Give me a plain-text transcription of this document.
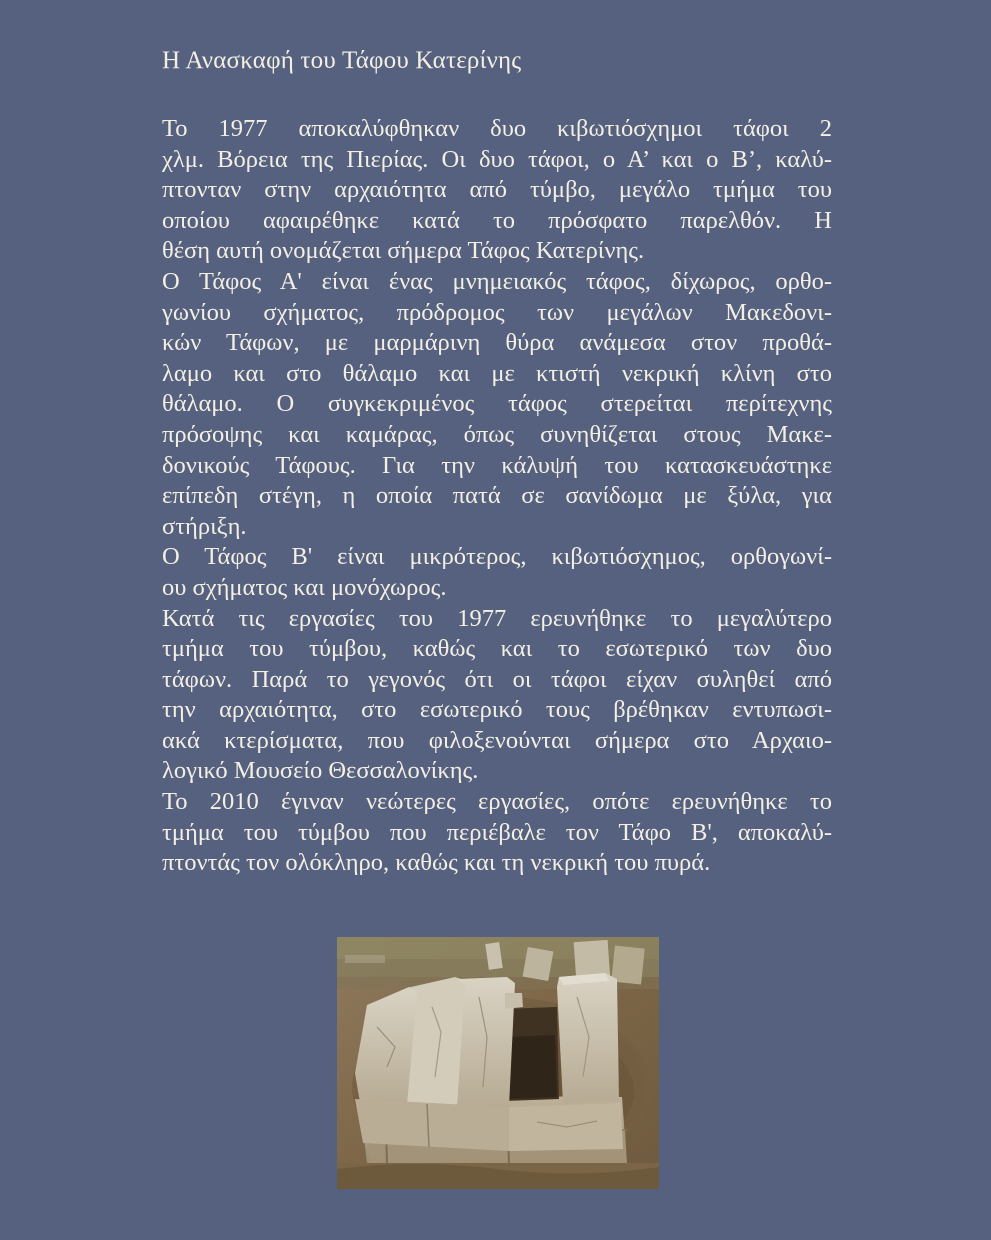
Η Ανασκαφή του Τάφου Κατερίνης
Το 1977 αποκαλύφθηκαν δυο κιβωτιόσχημοι τάφοι 2
χλμ. Βόρεια της Πιερίας. Οι δυο τάφοι, ο Α’ και ο Β’, καλύ-
πτονταν στην αρχαιότητα από τύμβο, μεγάλο τμήμα του
οποίου αφαιρέθηκε κατά το πρόσφατο παρελθόν. Η
θέση αυτή ονομάζεται σήμερα Τάφος Κατερίνης.
Ο Τάφος Α' είναι ένας μνημειακός τάφος, δίχωρος, ορθο-
γωνίου σχήματος, πρόδρομος των μεγάλων Μακεδονι-
κών Τάφων, με μαρμάρινη θύρα ανάμεσα στον προθά-
λαμο και στο θάλαμο και με κτιστή νεκρική κλίνη στο
θάλαμο. Ο συγκεκριμένος τάφος στερείται περίτεχνης
πρόσοψης και καμάρας, όπως συνηθίζεται στους Μακε-
δονικούς Τάφους. Για την κάλυψή του κατασκευάστηκε
επίπεδη στέγη, η οποία πατά σε σανίδωμα με ξύλα, για
στήριξη.
Ο Τάφος Β' είναι μικρότερος, κιβωτιόσχημος, ορθογωνί-
ου σχήματος και μονόχωρος.
Κατά τις εργασίες του 1977 ερευνήθηκε το μεγαλύτερο
τμήμα του τύμβου, καθώς και το εσωτερικό των δυο
τάφων. Παρά το γεγονός ότι οι τάφοι είχαν συληθεί από
την αρχαιότητα, στο εσωτερικό τους βρέθηκαν εντυπωσι-
ακά κτερίσματα, που φιλοξενούνται σήμερα στο Αρχαιο-
λογικό Μουσείο Θεσσαλονίκης.
Το 2010 έγιναν νεώτερες εργασίες, οπότε ερευνήθηκε το
τμήμα του τύμβου που περιέβαλε τον Τάφο Β', αποκαλύ-
πτοντάς τον ολόκληρο, καθώς και τη νεκρική του πυρά.
